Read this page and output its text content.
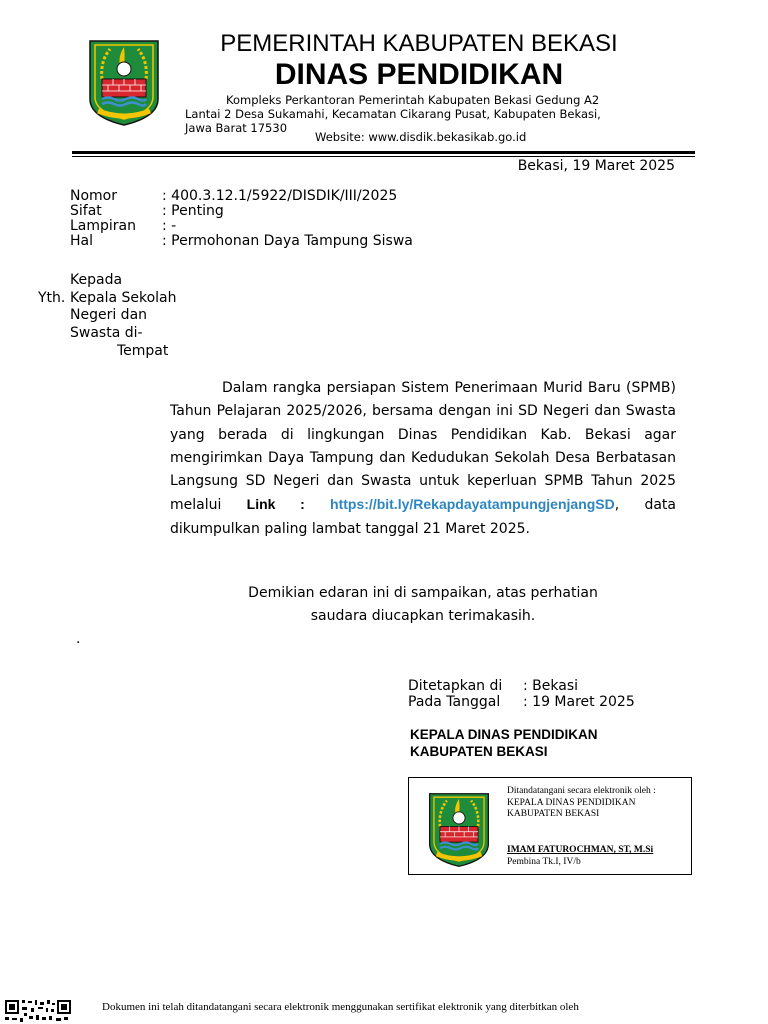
PEMERINTAH KABUPATEN BEKASI
DINAS PENDIDIKAN
Kompleks Perkantoran Pemerintah Kabupaten Bekasi Gedung A2
Lantai 2 Desa Sukamahi, Kecamatan Cikarang Pusat, Kabupaten Bekasi,
Jawa Barat 17530
Website: www.disdik.bekasikab.go.id
Bekasi, 19 Maret 2025
Nomor	: 400.3.12.1/5922/DISDIK/III/2025
Sifat	: Penting
Lampiran : -
Hal	: Permohonan Daya Tampung Siswa
Kepada
Yth. Kepala Sekolah
Negeri dan
Swasta di-
Tempat
Dalam rangka persiapan Sistem Penerimaan Murid Baru (SPMB) Tahun Pelajaran 2025/2026, bersama dengan ini SD Negeri dan Swasta yang berada di lingkungan Dinas Pendidikan Kab. Bekasi agar mengirimkan Daya Tampung dan Kedudukan Sekolah Desa Berbatasan Langsung SD Negeri dan Swasta untuk keperluan SPMB Tahun 2025 melalui Link : https://bit.ly/RekapdayatampungjenjangSD, data dikumpulkan paling lambat tanggal 21 Maret 2025.
Demikian edaran ini di sampaikan, atas perhatian
saudara diucapkan terimakasih.
.
Ditetapkan di : Bekasi
Pada Tanggal : 19 Maret 2025
KEPALA DINAS PENDIDIKAN
KABUPATEN BEKASI
Ditandatangani secara elektronik oleh :
KEPALA DINAS PENDIDIKAN
KABUPATEN BEKASI
IMAM FATUROCHMAN, ST, M.Si
Pembina Tk.I, IV/b
Dokumen ini telah ditandatangani secara elektronik menggunakan sertifikat elektronik yang diterbitkan oleh
